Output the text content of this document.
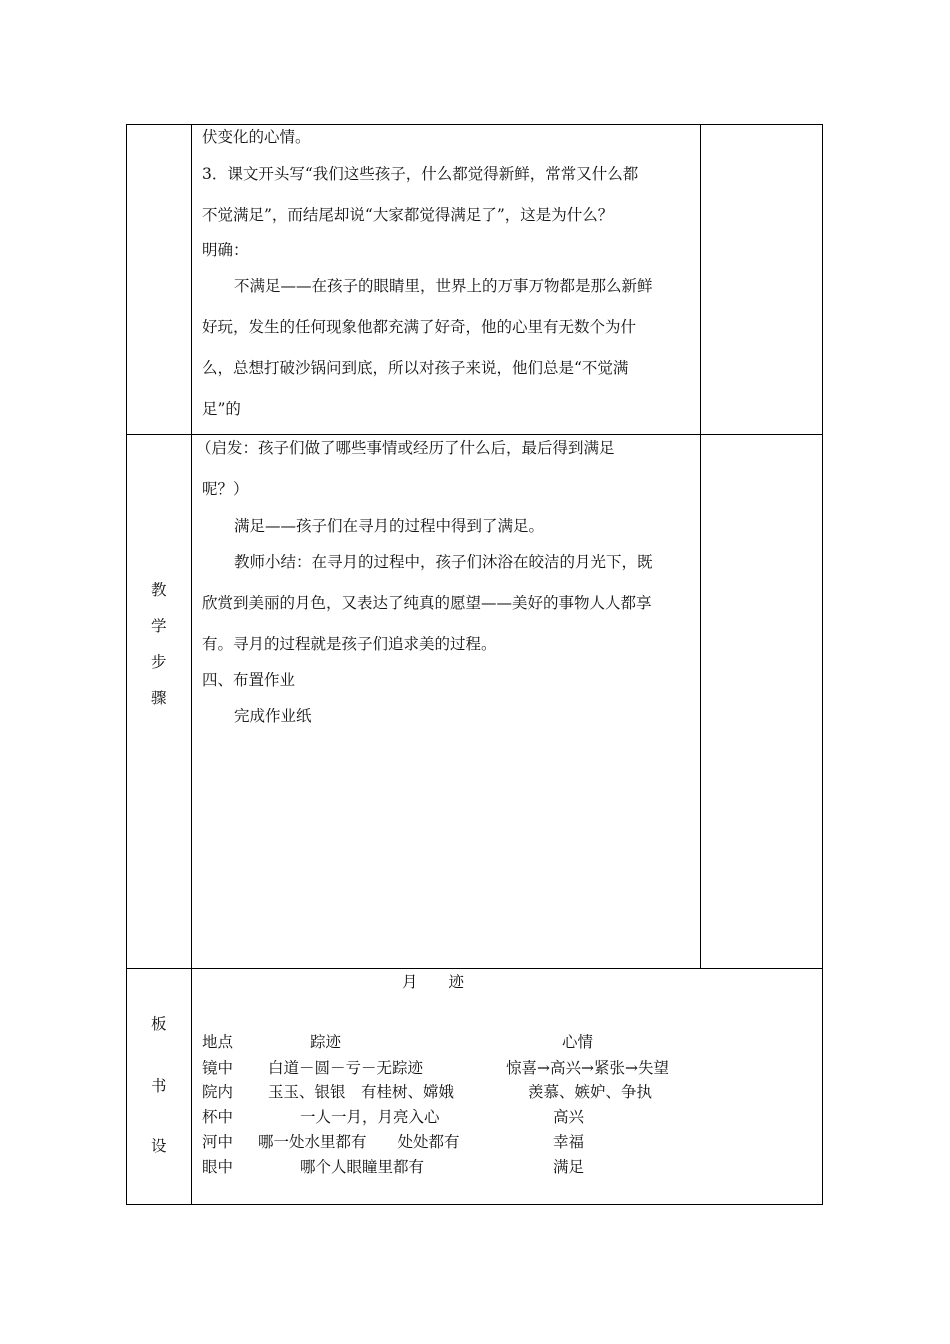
伏变化的心情。
3．课文开头写“我们这些孩子，什么都觉得新鲜，常常又什么都
不觉满足”，而结尾却说“大家都觉得满足了”，这是为什么？
明确：
不满足——在孩子的眼睛里，世界上的万事万物都是那么新鲜
好玩，发生的任何现象他都充满了好奇，他的心里有无数个为什
么，总想打破沙锅问到底，所以对孩子来说，他们总是“不觉满
足”的
教
学
步
骤
（启发：孩子们做了哪些事情或经历了什么后，最后得到满足
呢？）
满足——孩子们在寻月的过程中得到了满足。
教师小结：在寻月的过程中，孩子们沐浴在皎洁的月光下，既
欣赏到美丽的月色，又表达了纯真的愿望——美好的事物人人都享
有。寻月的过程就是孩子们追求美的过程。
四、布置作业
完成作业纸
板
书
设
月　　迹
地点	踪迹	心情
镜中 白道－圆－亏－无踪迹	惊喜→高兴→紧张→失望
院内 玉玉、银银　有桂树、嫦娥	羡慕、嫉妒、争执
杯中	一人一月，月亮入心	高兴
河中 哪一处水里都有　　处处都有	幸福
眼中	哪个人眼瞳里都有	满足
